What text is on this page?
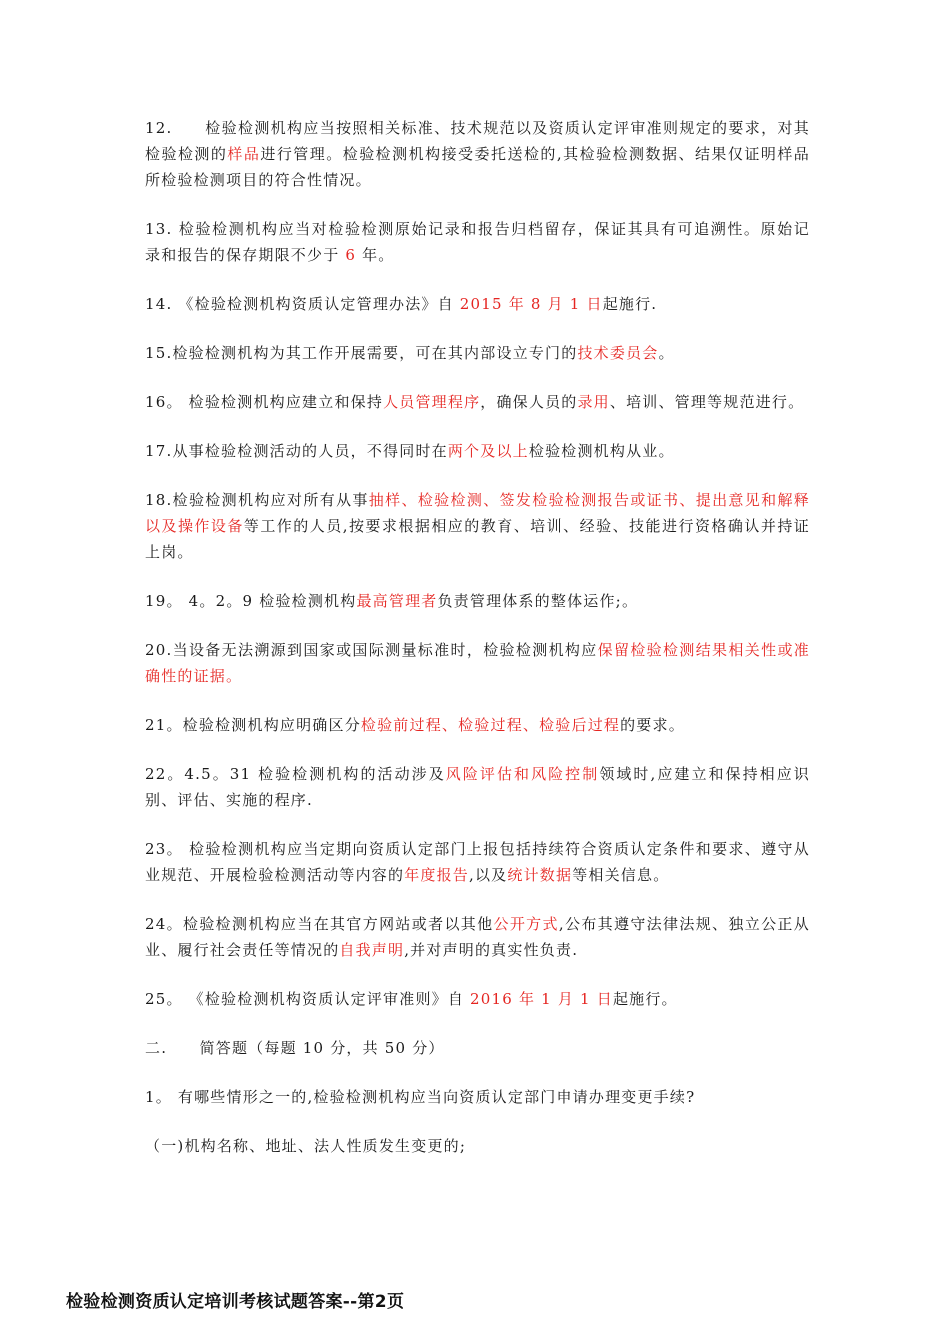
12.　　检验检测机构应当按照相关标准、技术规范以及资质认定评审准则规定的要求，对其检验检测的样品进行管理。检验检测机构接受委托送检的,其检验检测数据、结果仅证明样品所检验检测项目的符合性情况。

13. 检验检测机构应当对检验检测原始记录和报告归档留存，保证其具有可追溯性。原始记录和报告的保存期限不少于 6 年。

14. 《检验检测机构资质认定管理办法》自 2015 年 8 月 1 日起施行.

15.检验检测机构为其工作开展需要，可在其内部设立专门的技术委员会。

16。 检验检测机构应建立和保持人员管理程序，确保人员的录用、培训、管理等规范进行。

17.从事检验检测活动的人员，不得同时在两个及以上检验检测机构从业。

18.检验检测机构应对所有从事抽样、检验检测、签发检验检测报告或证书、提出意见和解释以及操作设备等工作的人员,按要求根据相应的教育、培训、经验、技能进行资格确认并持证上岗。

19。 4。2。9 检验检测机构最高管理者负责管理体系的整体运作;。

20.当设备无法溯源到国家或国际测量标准时，检验检测机构应保留检验检测结果相关性或准确性的证据。

21。检验检测机构应明确区分检验前过程、检验过程、检验后过程的要求。

22。4.5。31 检验检测机构的活动涉及风险评估和风险控制领域时,应建立和保持相应识别、评估、实施的程序.

23。 检验检测机构应当定期向资质认定部门上报包括持续符合资质认定条件和要求、遵守从业规范、开展检验检测活动等内容的年度报告,以及统计数据等相关信息。

24。检验检测机构应当在其官方网站或者以其他公开方式,公布其遵守法律法规、独立公正从业、履行社会责任等情况的自我声明,并对声明的真实性负责.

25。 《检验检测机构资质认定评审准则》自 2016 年 1 月 1 日起施行。

二.　　简答题（每题 10 分，共 50 分）

1。 有哪些情形之一的,检验检测机构应当向资质认定部门申请办理变更手续?

（一)机构名称、地址、法人性质发生变更的;

检验检测资质认定培训考核试题答案--第2页
